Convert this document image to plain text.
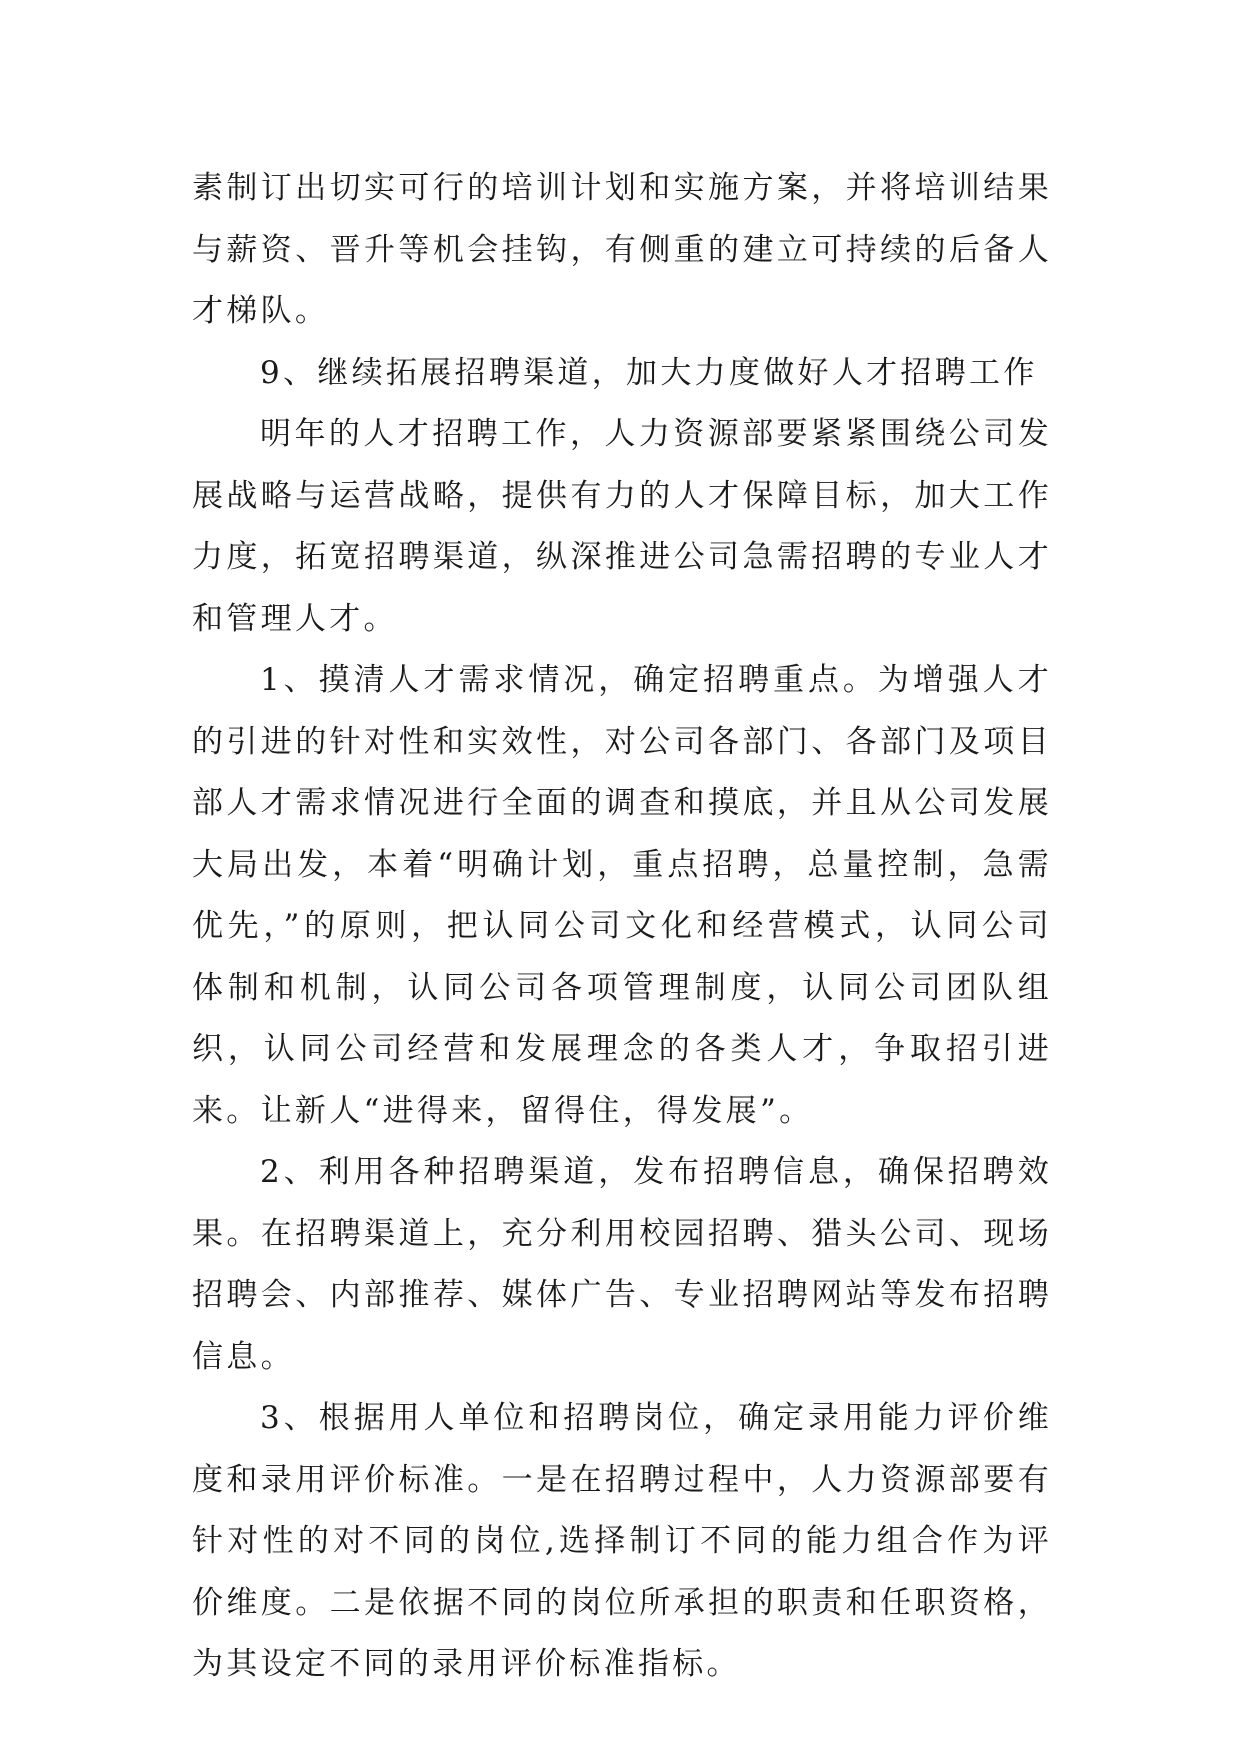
素制订出切实可行的培训计划和实施方案，并将培训结果与薪资、晋升等机会挂钩，有侧重的建立可持续的后备人才梯队。

9、继续拓展招聘渠道，加大力度做好人才招聘工作

明年的人才招聘工作，人力资源部要紧紧围绕公司发展战略与运营战略，提供有力的人才保障目标，加大工作力度，拓宽招聘渠道，纵深推进公司急需招聘的专业人才和管理人才。

1、摸清人才需求情况，确定招聘重点。为增强人才的引进的针对性和实效性，对公司各部门、各部门及项目部人才需求情况进行全面的调查和摸底，并且从公司发展大局出发，本着“明确计划，重点招聘，总量控制，急需优先，”的原则，把认同公司文化和经营模式，认同公司体制和机制，认同公司各项管理制度，认同公司团队组织，认同公司经营和发展理念的各类人才，争取招引进来。让新人“进得来，留得住，得发展”。

2、利用各种招聘渠道，发布招聘信息，确保招聘效果。在招聘渠道上，充分利用校园招聘、猎头公司、现场招聘会、内部推荐、媒体广告、专业招聘网站等发布招聘信息。

3、根据用人单位和招聘岗位，确定录用能力评价维度和录用评价标准。一是在招聘过程中，人力资源部要有针对性的对不同的岗位,选择制订不同的能力组合作为评价维度。二是依据不同的岗位所承担的职责和任职资格，为其设定不同的录用评价标准指标。
